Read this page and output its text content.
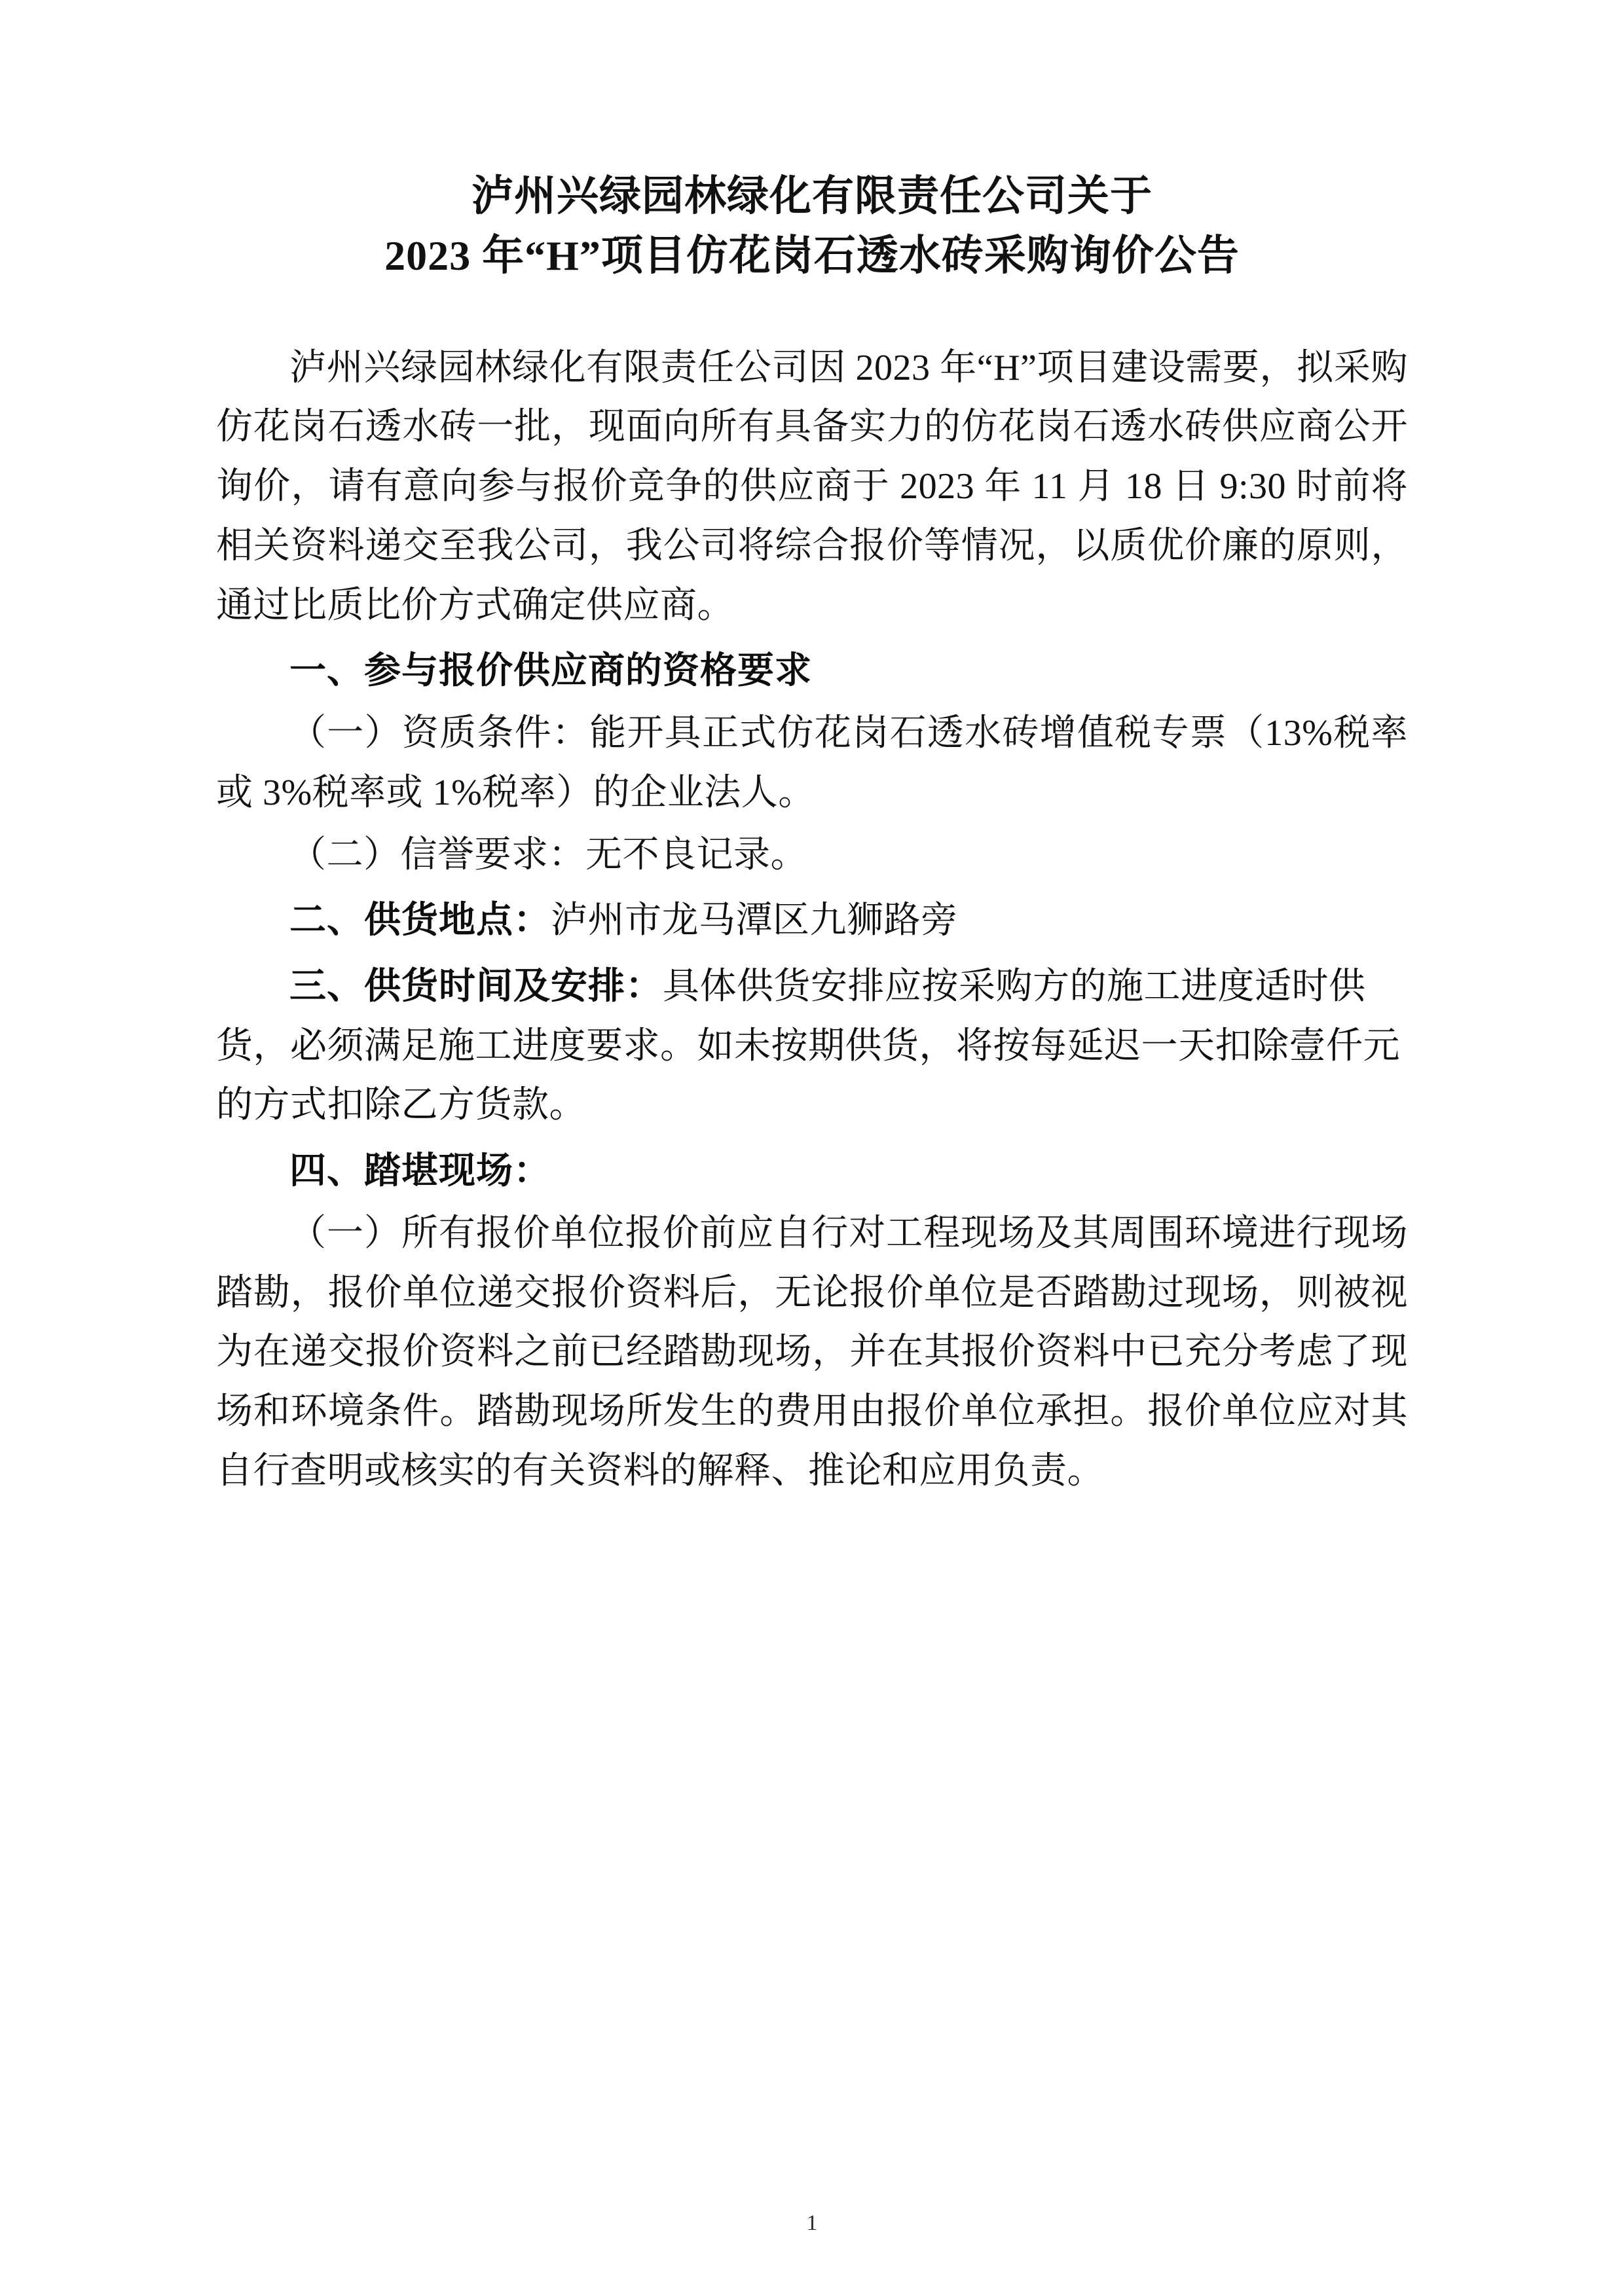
泸州兴绿园林绿化有限责任公司关于
2023 年“H”项目仿花岗石透水砖采购询价公告

泸州兴绿园林绿化有限责任公司因 2023 年“H”项目建设需要，拟采购仿花岗石透水砖一批，现面向所有具备实力的仿花岗石透水砖供应商公开询价，请有意向参与报价竞争的供应商于 2023 年 11 月 18 日 9:30 时前将相关资料递交至我公司，我公司将综合报价等情况，以质优价廉的原则，通过比质比价方式确定供应商。

一、参与报价供应商的资格要求

（一）资质条件：能开具正式仿花岗石透水砖增值税专票（13%税率或 3%税率或 1%税率）的企业法人。

（二）信誉要求：无不良记录。

二、供货地点：泸州市龙马潭区九狮路旁

三、供货时间及安排：具体供货安排应按采购方的施工进度适时供货，必须满足施工进度要求。如未按期供货，将按每延迟一天扣除壹仟元的方式扣除乙方货款。

四、踏堪现场：

（一）所有报价单位报价前应自行对工程现场及其周围环境进行现场踏勘，报价单位递交报价资料后，无论报价单位是否踏勘过现场，则被视为在递交报价资料之前已经踏勘现场，并在其报价资料中已充分考虑了现场和环境条件。踏勘现场所发生的费用由报价单位承担。报价单位应对其自行查明或核实的有关资料的解释、推论和应用负责。

1
